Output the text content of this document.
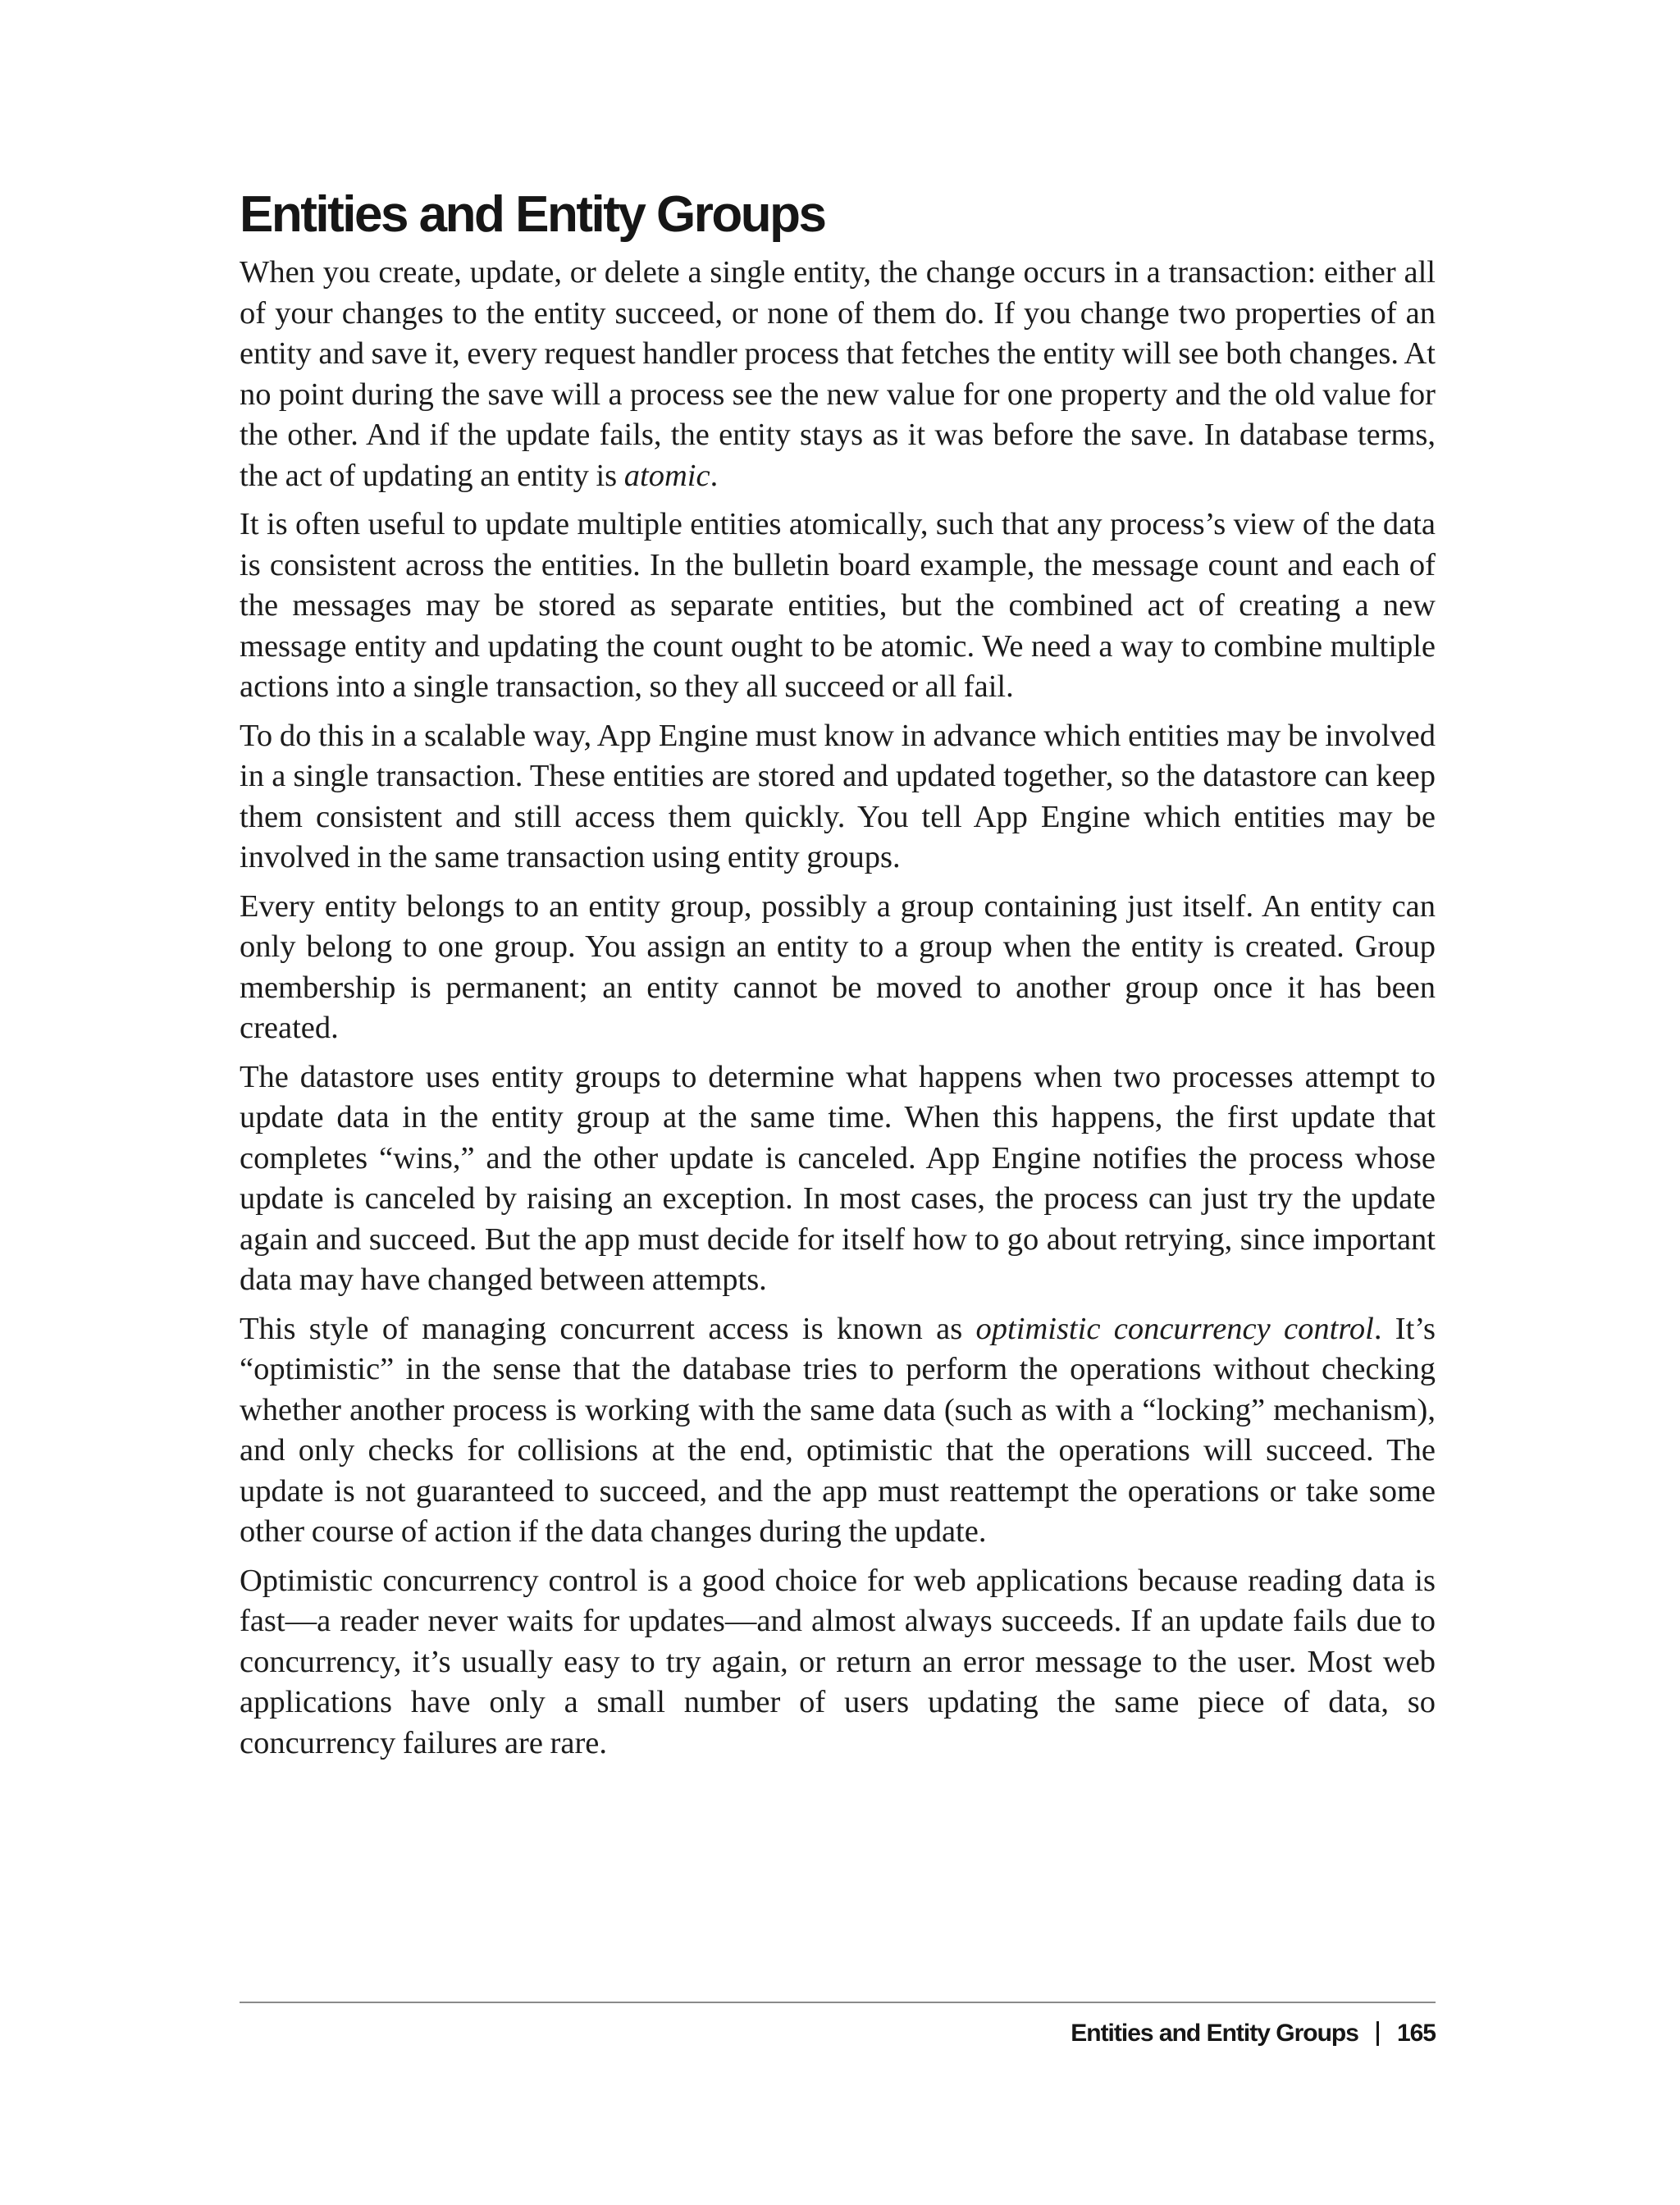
Entities and Entity Groups

When you create, update, or delete a single entity, the change occurs in a transaction: either all of your changes to the entity succeed, or none of them do. If you change two properties of an entity and save it, every request handler process that fetches the entity will see both changes. At no point during the save will a process see the new value for one property and the old value for the other. And if the update fails, the entity stays as it was before the save. In database terms, the act of updating an entity is atomic.

It is often useful to update multiple entities atomically, such that any process’s view of the data is consistent across the entities. In the bulletin board example, the message count and each of the messages may be stored as separate entities, but the combined act of creating a new message entity and updating the count ought to be atomic. We need a way to combine multiple actions into a single transaction, so they all succeed or all fail.

To do this in a scalable way, App Engine must know in advance which entities may be involved in a single transaction. These entities are stored and updated together, so the datastore can keep them consistent and still access them quickly. You tell App Engine which entities may be involved in the same transaction using entity groups.

Every entity belongs to an entity group, possibly a group containing just itself. An entity can only belong to one group. You assign an entity to a group when the entity is created. Group membership is permanent; an entity cannot be moved to another group once it has been created.

The datastore uses entity groups to determine what happens when two processes attempt to update data in the entity group at the same time. When this happens, the first update that completes “wins,” and the other update is canceled. App Engine notifies the process whose update is canceled by raising an exception. In most cases, the process can just try the update again and succeed. But the app must decide for itself how to go about retrying, since important data may have changed between attempts.

This style of managing concurrent access is known as optimistic concurrency control. It’s “optimistic” in the sense that the database tries to perform the operations without checking whether another process is working with the same data (such as with a “locking” mechanism), and only checks for collisions at the end, optimistic that the operations will succeed. The update is not guaranteed to succeed, and the app must reattempt the operations or take some other course of action if the data changes during the update.

Optimistic concurrency control is a good choice for web applications because reading data is fast—a reader never waits for updates—and almost always succeeds. If an update fails due to concurrency, it’s usually easy to try again, or return an error message to the user. Most web applications have only a small number of users updating the same piece of data, so concurrency failures are rare.

Entities and Entity Groups 165
